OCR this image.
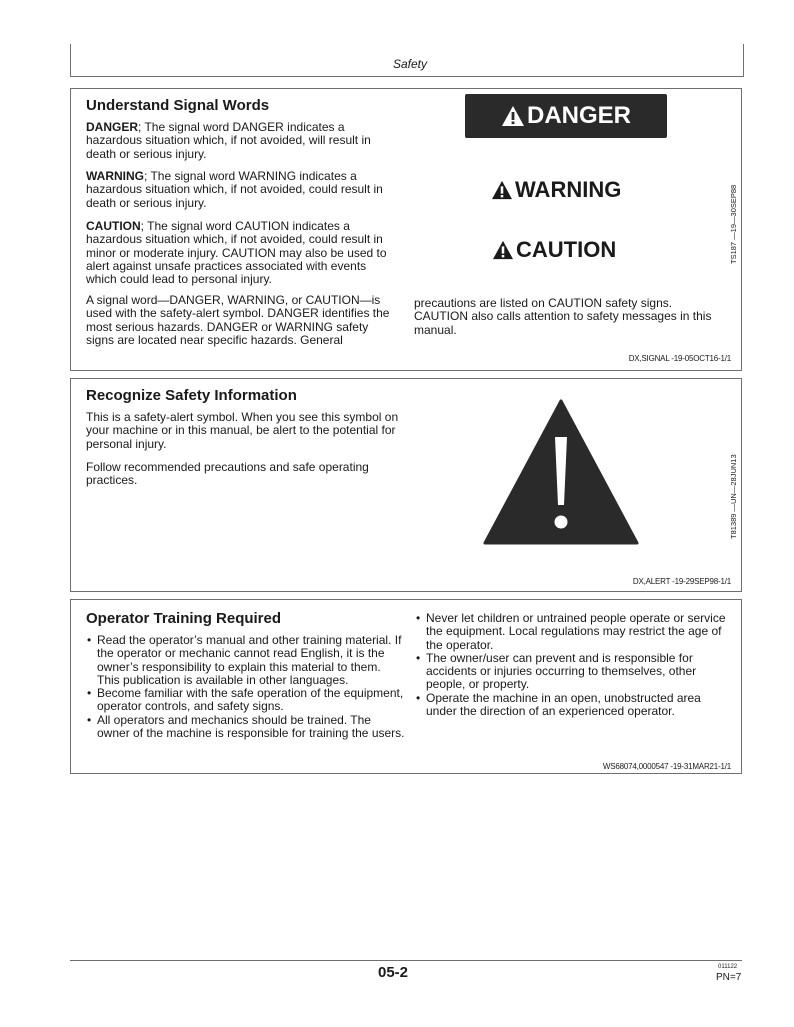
Safety
Understand Signal Words

DANGER; The signal word DANGER indicates a hazardous situation which, if not avoided, will result in death or serious injury.

WARNING; The signal word WARNING indicates a hazardous situation which, if not avoided, could result in death or serious injury.

CAUTION; The signal word CAUTION indicates a hazardous situation which, if not avoided, could result in minor or moderate injury. CAUTION may also be used to alert against unsafe practices associated with events which could lead to personal injury.

A signal word—DANGER, WARNING, or CAUTION—is used with the safety-alert symbol. DANGER identifies the most serious hazards. DANGER or WARNING safety signs are located near specific hazards. General

precautions are listed on CAUTION safety signs. CAUTION also calls attention to safety messages in this manual.

DANGER
WARNING
CAUTION	TS187 —19—30SEP88
DX,SIGNAL -19-05OCT16-1/1
Recognize Safety Information

This is a safety-alert symbol. When you see this symbol on your machine or in this manual, be alert to the potential for personal injury.

Follow recommended precautions and safe operating practices.	T81389 —UN—28JUN13
DX,ALERT -19-29SEP98-1/1
Operator Training Required
• Read the operator’s manual and other training material. If the operator or mechanic cannot read English, it is the owner’s responsibility to explain this material to them. This publication is available in other languages.
• Become familiar with the safe operation of the equipment, operator controls, and safety signs.
• All operators and mechanics should be trained. The owner of the machine is responsible for training the users.
• Never let children or untrained people operate or service the equipment. Local regulations may restrict the age of the operator.
• The owner/user can prevent and is responsible for accidents or injuries occurring to themselves, other people, or property.
• Operate the machine in an open, unobstructed area under the direction of an experienced operator.
WS68074,0000547 -19-31MAR21-1/1
05-2	011122
PN=7
